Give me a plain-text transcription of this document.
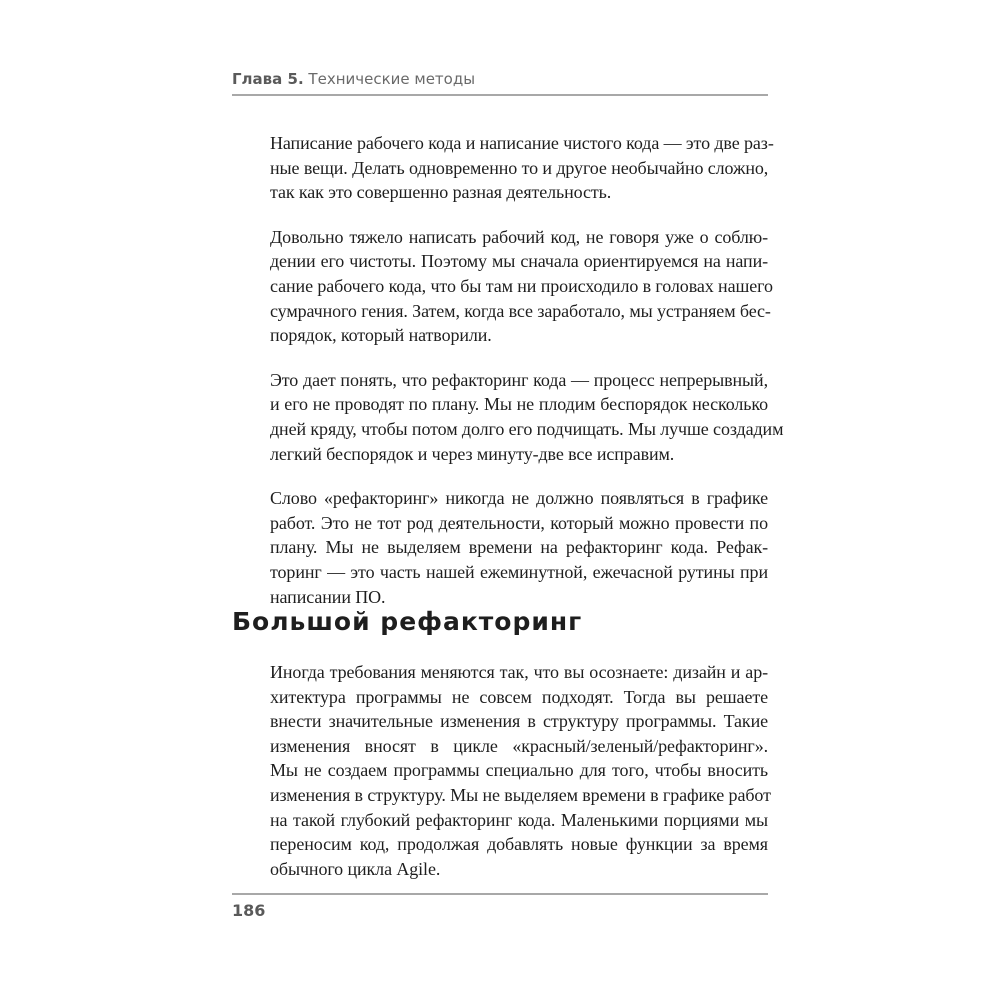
Глава 5. Технические методы

Написание рабочего кода и написание чистого кода — это две раз-
ные вещи. Делать одновременно то и другое необычайно сложно,
так как это совершенно разная деятельность.

Довольно тяжело написать рабочий код, не говоря уже о соблю-
дении его чистоты. Поэтому мы сначала ориентируемся на напи-
сание рабочего кода, что бы там ни происходило в головах нашего
сумрачного гения. Затем, когда все заработало, мы устраняем бес-
порядок, который натворили.

Это дает понять, что рефакторинг кода — процесс непрерывный,
и его не проводят по плану. Мы не плодим беспорядок несколько
дней кряду, чтобы потом долго его подчищать. Мы лучше создадим
легкий беспорядок и через минуту-две все исправим.

Слово «рефакторинг» никогда не должно появляться в графике
работ. Это не тот род деятельности, который можно провести по
плану. Мы не выделяем времени на рефакторинг кода. Рефак-
торинг — это часть нашей ежеминутной, ежечасной рутины при
написании ПО.

Большой рефакторинг

Иногда требования меняются так, что вы осознаете: дизайн и ар-
хитектура программы не совсем подходят. Тогда вы решаете
внести значительные изменения в структуру программы. Такие
изменения вносят в цикле «красный/зеленый/рефакторинг».
Мы не создаем программы специально для того, чтобы вносить
изменения в структуру. Мы не выделяем времени в графике работ
на такой глубокий рефакторинг кода. Маленькими порциями мы
переносим код, продолжая добавлять новые функции за время
обычного цикла Agile.

186
